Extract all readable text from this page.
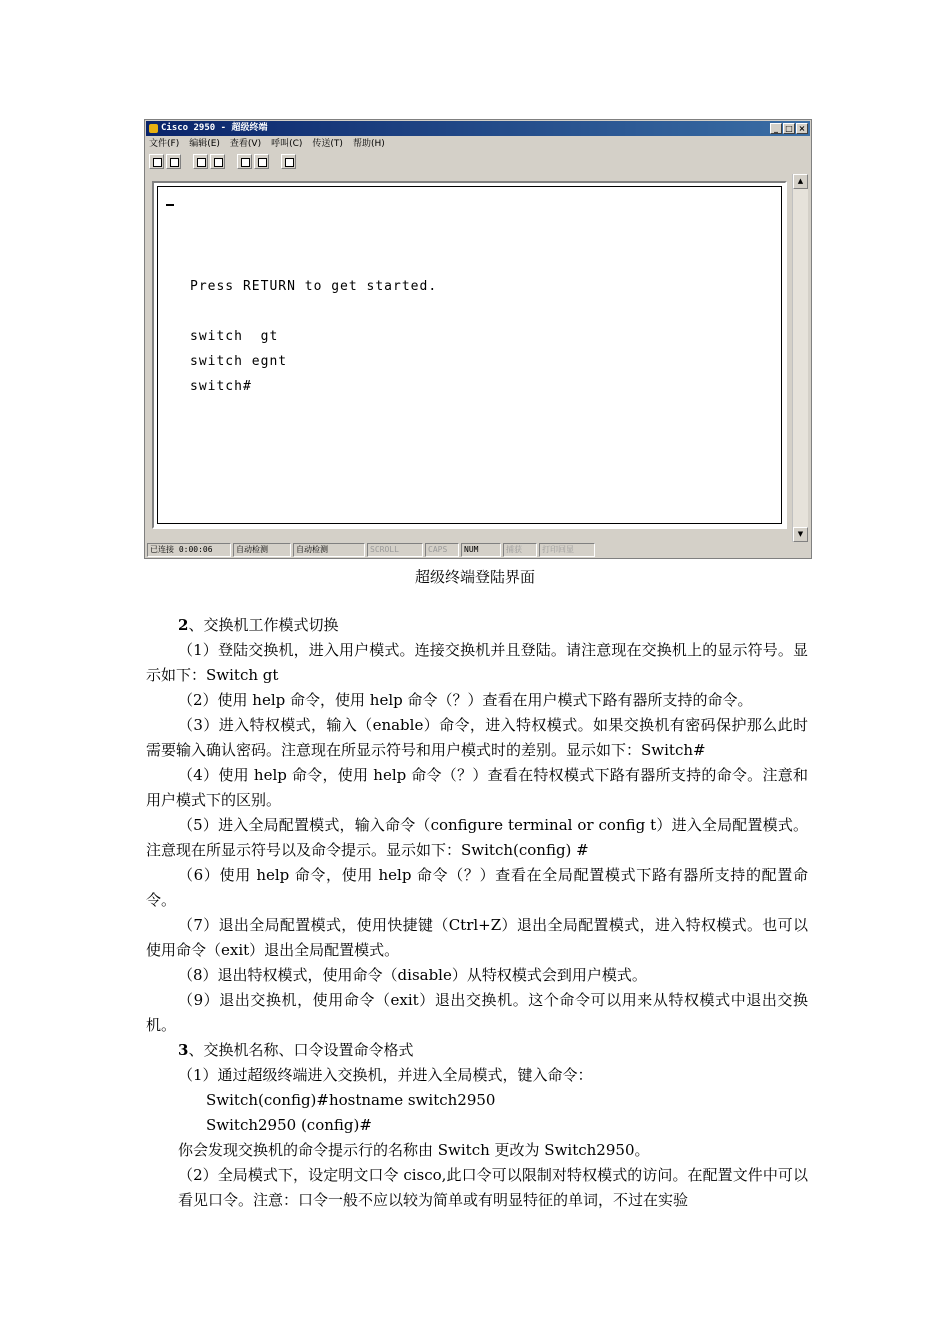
Cisco 2950 - 超级终端	_ □ ×
文件(F) 编辑(E) 查看(V) 呼叫(C) 传送(T) 帮助(H)
Press RETURN to get started.
switch  gt
switch egnt
switch#
▲
▼
已连接 0:00:06	自动检测	自动检测	SCROLL	CAPS	NUM	捕获	打印回显
超级终端登陆界面

2、交换机工作模式切换

（1）登陆交换机，进入用户模式。连接交换机并且登陆。请注意现在交换机上的显示符号。显示如下：Switch gt

（2）使用 help 命令，使用 help 命令（？）查看在用户模式下路有器所支持的命令。

（3）进入特权模式，输入（enable）命令，进入特权模式。如果交换机有密码保护那么此时需要输入确认密码。注意现在所显示符号和用户模式时的差别。显示如下：Switch#

（4）使用 help 命令，使用 help 命令（？）查看在特权模式下路有器所支持的命令。注意和用户模式下的区别。

（5）进入全局配置模式，输入命令（configure terminal or config t）进入全局配置模式。注意现在所显示符号以及命令提示。显示如下：Switch(config) #

（6）使用 help 命令，使用 help 命令（？）查看在全局配置模式下路有器所支持的配置命令。

（7）退出全局配置模式，使用快捷键（Ctrl+Z）退出全局配置模式，进入特权模式。也可以使用命令（exit）退出全局配置模式。

（8）退出特权模式，使用命令（disable）从特权模式会到用户模式。

（9）退出交换机，使用命令（exit）退出交换机。这个命令可以用来从特权模式中退出交换机。

3、交换机名称、口令设置命令格式

（1）通过超级终端进入交换机，并进入全局模式，键入命令：

Switch(config)#hostname switch2950

Switch2950 (config)#

你会发现交换机的命令提示行的名称由 Switch 更改为 Switch2950。

（2）全局模式下，设定明文口令 cisco,此口令可以限制对特权模式的访问。在配置文件中可以看见口令。注意：口令一般不应以较为简单或有明显特征的单词，不过在实验
